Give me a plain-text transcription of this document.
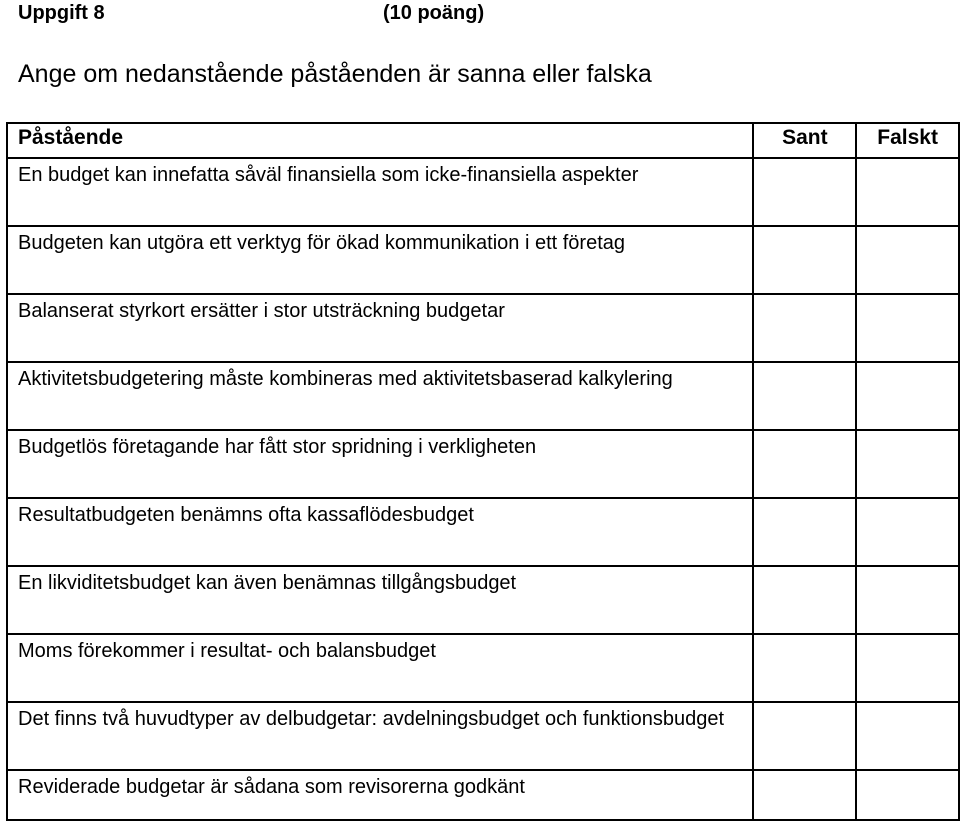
Uppgift 8	(10 poäng)
Ange om nedanstående påståenden är sanna eller falska
Påstående	Sant	Falskt

En budget kan innefatta såväl finansiella som icke-finansiella aspekter		
Budgeten kan utgöra ett verktyg för ökad kommunikation i ett företag		
Balanserat styrkort ersätter i stor utsträckning budgetar		
Aktivitetsbudgetering måste kombineras med aktivitetsbaserad kalkylering		
Budgetlös företagande har fått stor spridning i verkligheten		
Resultatbudgeten benämns ofta kassaflödesbudget		
En likviditetsbudget kan även benämnas tillgångsbudget		
Moms förekommer i resultat- och balansbudget		
Det finns två huvudtyper av delbudgetar: avdelningsbudget och funktionsbudget		
Reviderade budgetar är sådana som revisorerna godkänt		
